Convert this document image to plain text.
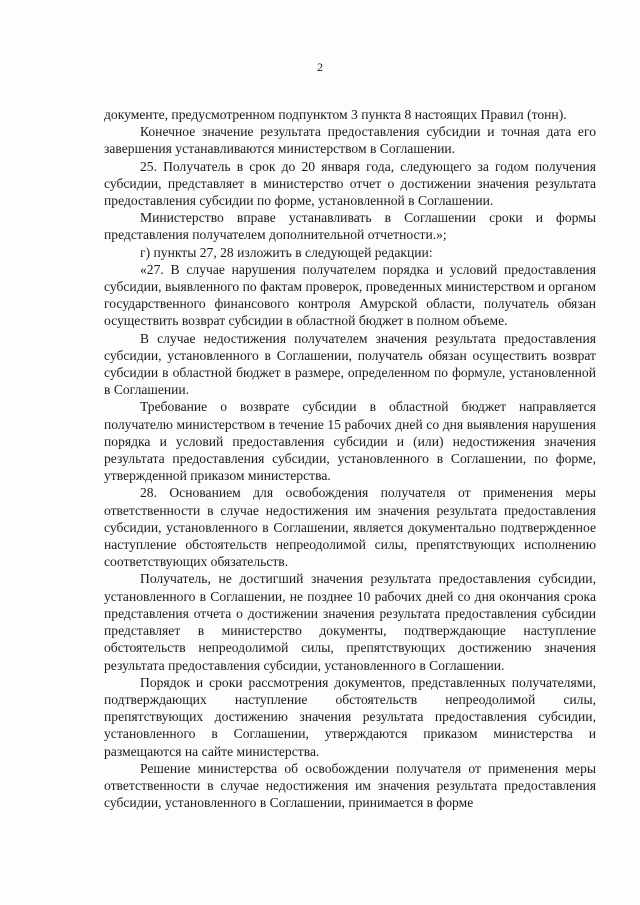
2

документе, предусмотренном подпунктом 3 пункта 8 настоящих Правил (тонн).

Конечное значение результата предоставления субсидии и точная дата его завершения устанавливаются министерством в Соглашении.

25. Получатель в срок до 20 января года, следующего за годом получения субсидии, представляет в министерство отчет о достижении значения результата предоставления субсидии по форме, установленной в Соглашении.

Министерство вправе устанавливать в Соглашении сроки и формы представления получателем дополнительной отчетности.»;

г) пункты 27, 28 изложить в следующей редакции:

«27. В случае нарушения получателем порядка и условий предоставления субсидии, выявленного по фактам проверок, проведенных министерством и органом государственного финансового контроля Амурской области, получатель обязан осуществить возврат субсидии в областной бюджет в полном объеме.

В случае недостижения получателем значения результата предоставления субсидии, установленного в Соглашении, получатель обязан осуществить возврат субсидии в областной бюджет в размере, определенном по формуле, установленной в Соглашении.

Требование о возврате субсидии в областной бюджет направляется получателю министерством в течение 15 рабочих дней со дня выявления нарушения порядка и условий предоставления субсидии и (или) недостижения значения результата предоставления субсидии, установленного в Соглашении, по форме, утвержденной приказом министерства.

28. Основанием для освобождения получателя от применения меры ответственности в случае недостижения им значения результата предоставления субсидии, установленного в Соглашении, является документально подтвержденное наступление обстоятельств непреодолимой силы, препятствующих исполнению соответствующих обязательств.

Получатель, не достигший значения результата предоставления субсидии, установленного в Соглашении, не позднее 10 рабочих дней со дня окончания срока представления отчета о достижении значения результата предоставления субсидии представляет в министерство документы, подтверждающие наступление обстоятельств непреодолимой силы, препятствующих достижению значения результата предоставления субсидии, установленного в Соглашении.

Порядок и сроки рассмотрения документов, представленных получателями, подтверждающих наступление обстоятельств непреодолимой силы, препятствующих достижению значения результата предоставления субсидии, установленного в Соглашении, утверждаются приказом министерства и размещаются на сайте министерства.

Решение министерства об освобождении получателя от применения меры ответственности в случае недостижения им значения результата предоставления субсидии, установленного в Соглашении, принимается в форме
